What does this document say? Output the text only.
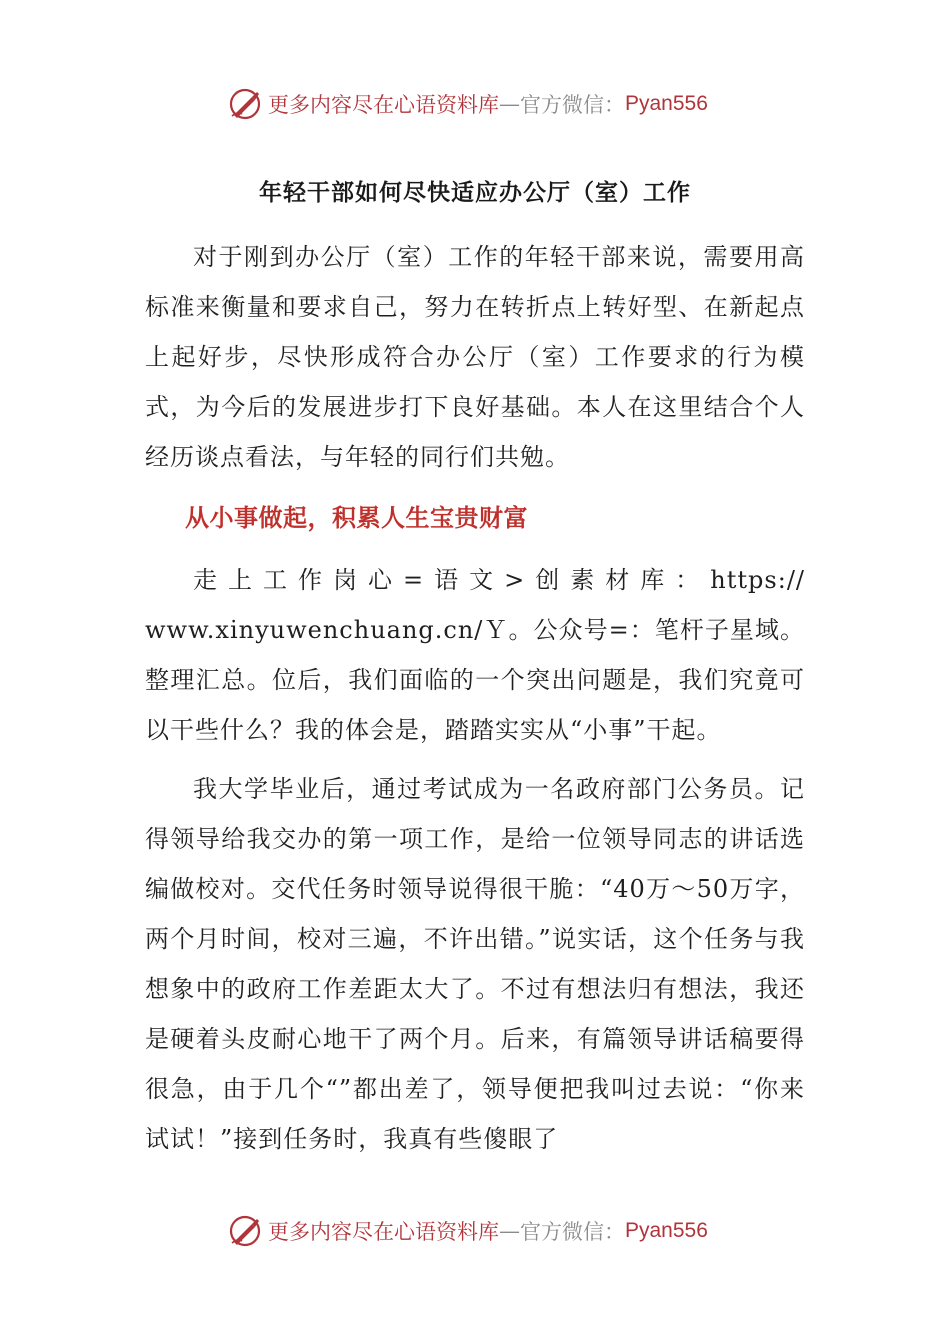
更多内容尽在心语资料库 — 官方微信： Pyan556
年轻干部如何尽快适应办公厅（室）工作

对于刚到办公厅（室）工作的年轻干部来说，需要用高标准来衡量和要求自己，努力在转折点上转好型、在新起点上起好步，尽快形成符合办公厅（室）工作要求的行为模式，为今后的发展进步打下良好基础。本人在这里结合个人经历谈点看法，与年轻的同行们共勉。

从小事做起，积累人生宝贵财富

走上工作岗心=语文>创素材库：https://
www.xinyuwenchuang.cn/Ｙ。公众号=：笔杆子星域。整理汇总。位后，我们面临的一个突出问题是，我们究竟可以干些什么？我的体会是，踏踏实实从“小事”干起。

我大学毕业后，通过考试成为一名政府部门公务员。记得领导给我交办的第一项工作，是给一位领导同志的讲话选编做校对。交代任务时领导说得很干脆：“40万～50万字，两个月时间，校对三遍，不许出错。”说实话，这个任务与我想象中的政府工作差距太大了。不过有想法归有想法，我还是硬着头皮耐心地干了两个月。后来，有篇领导讲话稿要得很急，由于几个“”都出差了，领导便把我叫过去说：“你来试试！”接到任务时，我真有些傻眼了

更多内容尽在心语资料库 — 官方微信： Pyan556
